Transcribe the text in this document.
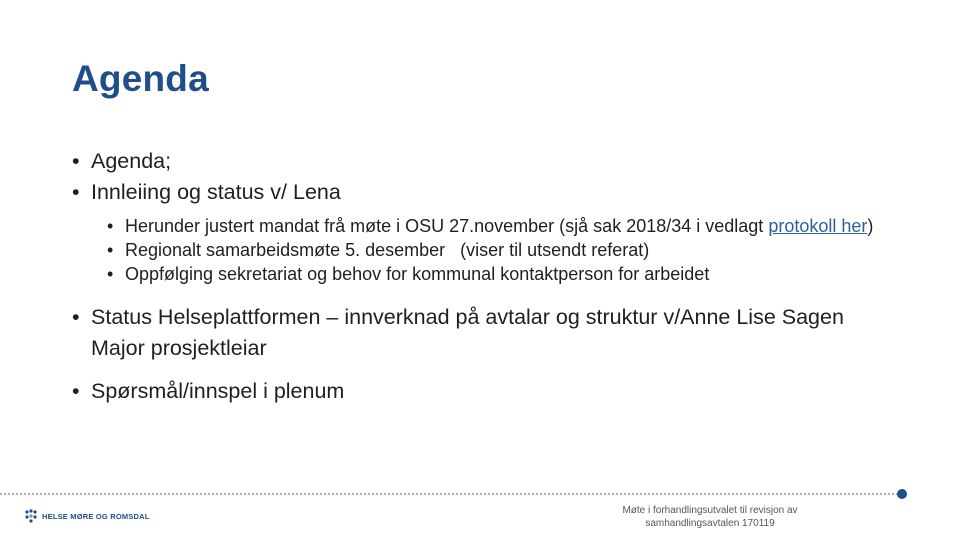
Agenda
• Agenda;
• Innleiing og status v/ Lena
• Herunder justert mandat frå møte i OSU 27.november (sjå sak 2018/34 i vedlagt protokoll her)
• Regionalt samarbeidsmøte 5. desember   (viser til utsendt referat)
• Oppfølging sekretariat og behov for kommunal kontaktperson for arbeidet
• Status Helseplattformen – innverknad på avtalar og struktur v/Anne Lise Sagen Major prosjektleiar
• Spørsmål/innspel i plenum
HELSE MØRE OG ROMSDAL	Møte i forhandlingsutvalet til revisjon av samhandlingsavtalen 170119
